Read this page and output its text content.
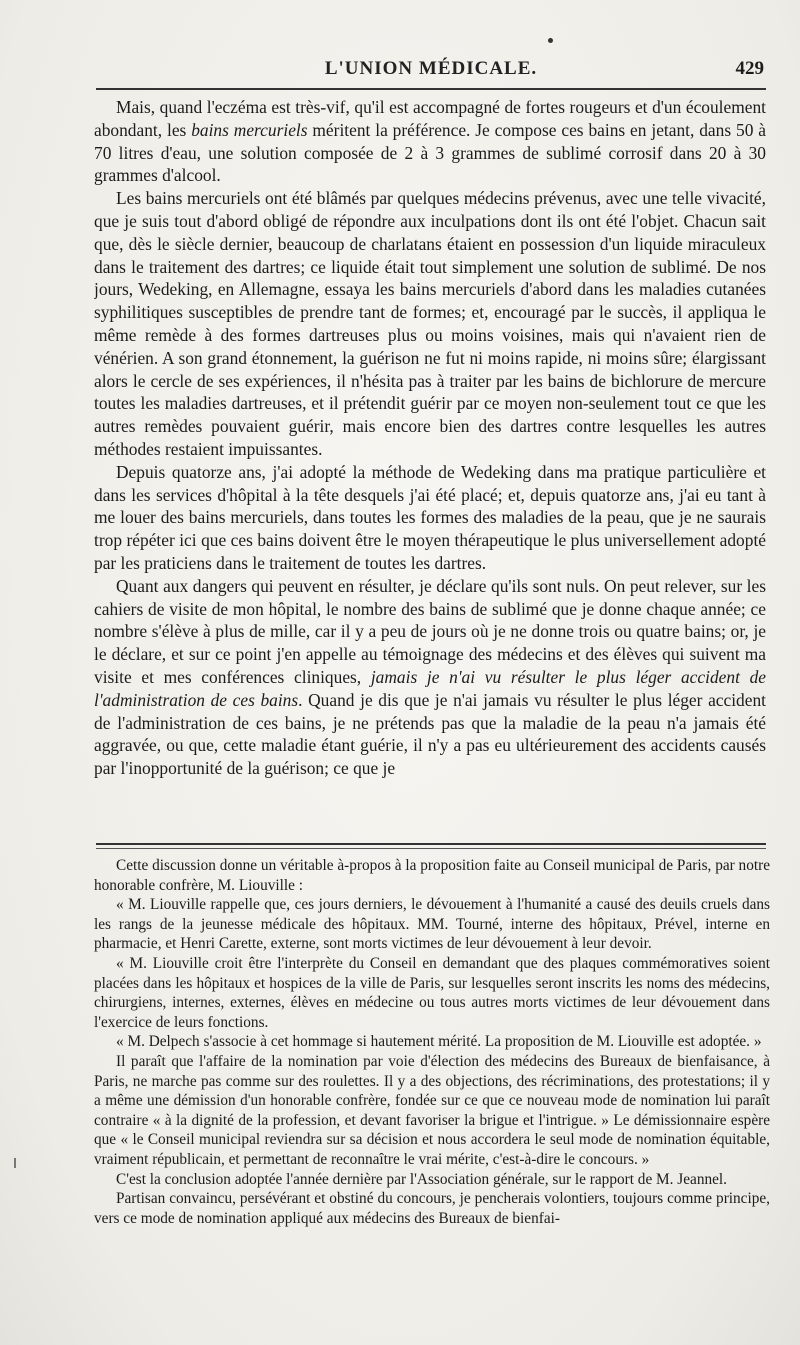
L'UNION MÉDICALE.	429

Mais, quand l'eczéma est très-vif, qu'il est accompagné de fortes rougeurs et d'un écoulement abondant, les bains mercuriels méritent la préférence. Je compose ces bains en jetant, dans 50 à 70 litres d'eau, une solution composée de 2 à 3 grammes de sublimé corrosif dans 20 à 30 grammes d'alcool.

Les bains mercuriels ont été blâmés par quelques médecins prévenus, avec une telle vivacité, que je suis tout d'abord obligé de répondre aux inculpations dont ils ont été l'objet. Chacun sait que, dès le siècle dernier, beaucoup de charlatans étaient en possession d'un liquide miraculeux dans le traitement des dartres; ce liquide était tout simplement une solution de sublimé. De nos jours, Wedeking, en Allemagne, essaya les bains mercuriels d'abord dans les maladies cutanées syphilitiques susceptibles de prendre tant de formes; et, encouragé par le succès, il appliqua le même remède à des formes dartreuses plus ou moins voisines, mais qui n'avaient rien de vénérien. A son grand étonnement, la guérison ne fut ni moins rapide, ni moins sûre; élargissant alors le cercle de ses expériences, il n'hésita pas à traiter par les bains de bichlorure de mercure toutes les maladies dartreuses, et il prétendit guérir par ce moyen non-seulement tout ce que les autres remèdes pouvaient guérir, mais encore bien des dartres contre lesquelles les autres méthodes restaient impuissantes.

Depuis quatorze ans, j'ai adopté la méthode de Wedeking dans ma pratique particulière et dans les services d'hôpital à la tête desquels j'ai été placé; et, depuis quatorze ans, j'ai eu tant à me louer des bains mercuriels, dans toutes les formes des maladies de la peau, que je ne saurais trop répéter ici que ces bains doivent être le moyen thérapeutique le plus universellement adopté par les praticiens dans le traitement de toutes les dartres.

Quant aux dangers qui peuvent en résulter, je déclare qu'ils sont nuls. On peut relever, sur les cahiers de visite de mon hôpital, le nombre des bains de sublimé que je donne chaque année; ce nombre s'élève à plus de mille, car il y a peu de jours où je ne donne trois ou quatre bains; or, je le déclare, et sur ce point j'en appelle au témoignage des médecins et des élèves qui suivent ma visite et mes conférences cliniques, jamais je n'ai vu résulter le plus léger accident de l'administration de ces bains. Quand je dis que je n'ai jamais vu résulter le plus léger accident de l'administration de ces bains, je ne prétends pas que la maladie de la peau n'a jamais été aggravée, ou que, cette maladie étant guérie, il n'y a pas eu ultérieurement des accidents causés par l'inopportunité de la guérison; ce que je

Cette discussion donne un véritable à-propos à la proposition faite au Conseil municipal de Paris, par notre honorable confrère, M. Liouville :

« M. Liouville rappelle que, ces jours derniers, le dévouement à l'humanité a causé des deuils cruels dans les rangs de la jeunesse médicale des hôpitaux. MM. Tourné, interne des hôpitaux, Prével, interne en pharmacie, et Henri Carette, externe, sont morts victimes de leur dévouement à leur devoir.

« M. Liouville croit être l'interprète du Conseil en demandant que des plaques commémoratives soient placées dans les hôpitaux et hospices de la ville de Paris, sur lesquelles seront inscrits les noms des médecins, chirurgiens, internes, externes, élèves en médecine ou tous autres morts victimes de leur dévouement dans l'exercice de leurs fonctions.

« M. Delpech s'associe à cet hommage si hautement mérité. La proposition de M. Liouville est adoptée. »

Il paraît que l'affaire de la nomination par voie d'élection des médecins des Bureaux de bienfaisance, à Paris, ne marche pas comme sur des roulettes. Il y a des objections, des récriminations, des protestations; il y a même une démission d'un honorable confrère, fondée sur ce que ce nouveau mode de nomination lui paraît contraire « à la dignité de la profession, et devant favoriser la brigue et l'intrigue. » Le démissionnaire espère que « le Conseil municipal reviendra sur sa décision et nous accordera le seul mode de nomination équitable, vraiment républicain, et permettant de reconnaître le vrai mérite, c'est-à-dire le concours. »

C'est la conclusion adoptée l'année dernière par l'Association générale, sur le rapport de M. Jeannel.

Partisan convaincu, persévérant et obstiné du concours, je pencherais volontiers, toujours comme principe, vers ce mode de nomination appliqué aux médecins des Bureaux de bienfai-
